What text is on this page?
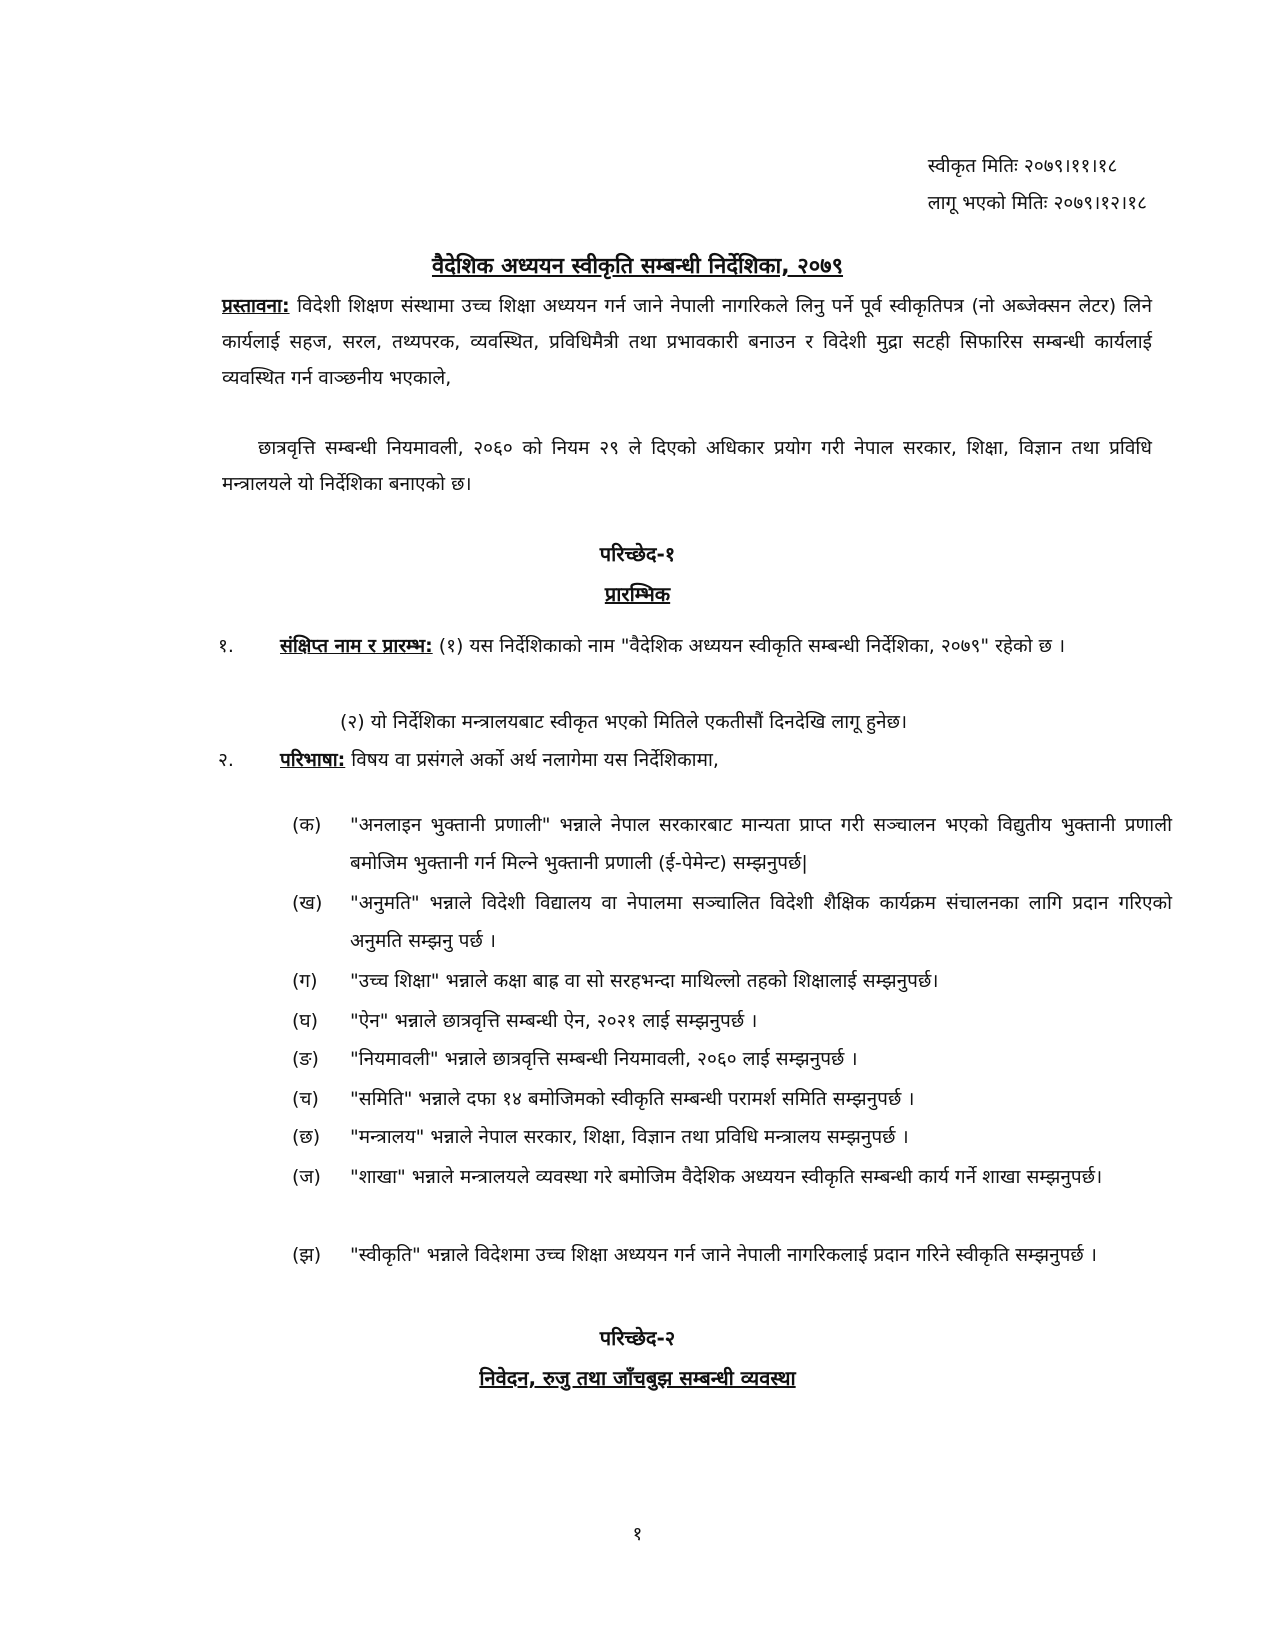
स्वीकृत मितिः २०७९।११।१८
लागू भएको मितिः २०७९।१२।१८
वैदेशिक अध्ययन स्वीकृति सम्बन्धी निर्देशिका, २०७९
प्रस्तावना: विदेशी शिक्षण संस्थामा उच्च शिक्षा अध्ययन गर्न जाने नेपाली नागरिकले लिनु पर्ने पूर्व स्वीकृतिपत्र (नो अब्जेक्सन लेटर) लिने कार्यलाई सहज, सरल, तथ्यपरक, व्यवस्थित, प्रविधिमैत्री तथा प्रभावकारी बनाउन र विदेशी मुद्रा सटही सिफारिस सम्बन्धी कार्यलाई व्यवस्थित गर्न वाञ्छनीय भएकाले,
छात्रवृत्ति सम्बन्धी नियमावली, २०६० को नियम २९ ले दिएको अधिकार प्रयोग गरी नेपाल सरकार, शिक्षा, विज्ञान तथा प्रविधि मन्त्रालयले यो निर्देशिका बनाएको छ।
परिच्छेद-१
प्रारम्भिक
१. संक्षिप्त नाम र प्रारम्भ: (१) यस निर्देशिकाको नाम "वैदेशिक अध्ययन स्वीकृति सम्बन्धी निर्देशिका, २०७९" रहेको छ ।
(२) यो निर्देशिका मन्त्रालयबाट स्वीकृत भएको मितिले एकतीसौं दिनदेखि लागू हुनेछ।
२. परिभाषा: विषय वा प्रसंगले अर्को अर्थ नलागेमा यस निर्देशिकामा,
(क) "अनलाइन भुक्तानी प्रणाली" भन्नाले नेपाल सरकारबाट मान्यता प्राप्त गरी सञ्चालन भएको विद्युतीय भुक्तानी प्रणाली बमोजिम भुक्तानी गर्न मिल्ने भुक्तानी प्रणाली (ई-पेमेन्ट) सम्झनुपर्छ|
(ख) "अनुमति" भन्नाले विदेशी विद्यालय वा नेपालमा सञ्चालित विदेशी शैक्षिक कार्यक्रम संचालनका लागि प्रदान गरिएको अनुमति सम्झनु पर्छ ।
(ग) "उच्च शिक्षा" भन्नाले कक्षा बाह्र वा सो सरहभन्दा माथिल्लो तहको शिक्षालाई सम्झनुपर्छ।
(घ) "ऐन" भन्नाले छात्रवृत्ति सम्बन्धी ऐन, २०२१ लाई सम्झनुपर्छ ।
(ङ) "नियमावली" भन्नाले छात्रवृत्ति सम्बन्धी नियमावली, २०६० लाई सम्झनुपर्छ ।
(च) "समिति" भन्नाले दफा १४ बमोजिमको स्वीकृति सम्बन्धी परामर्श समिति सम्झनुपर्छ ।
(छ) "मन्त्रालय" भन्नाले नेपाल सरकार, शिक्षा, विज्ञान तथा प्रविधि मन्त्रालय सम्झनुपर्छ ।
(ज) "शाखा" भन्नाले मन्त्रालयले व्यवस्था गरे बमोजिम वैदेशिक अध्ययन स्वीकृति सम्बन्धी कार्य गर्ने शाखा सम्झनुपर्छ।
(झ) "स्वीकृति" भन्नाले विदेशमा उच्च शिक्षा अध्ययन गर्न जाने नेपाली नागरिकलाई प्रदान गरिने स्वीकृति सम्झनुपर्छ ।
परिच्छेद-२
निवेदन, रुजु तथा जाँचबुझ सम्बन्धी व्यवस्था
१
